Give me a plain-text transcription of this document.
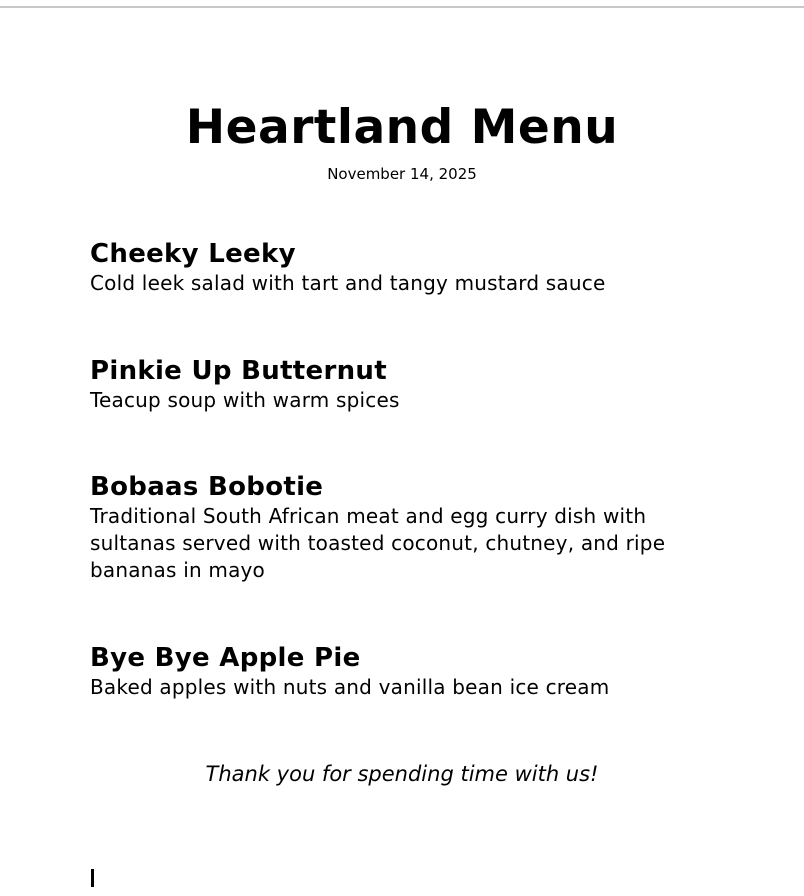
Heartland Menu
November 14, 2025
Cheeky Leeky
Cold leek salad with tart and tangy mustard sauce
Pinkie Up Butternut
Teacup soup with warm spices
Bobaas Bobotie
Traditional South African meat and egg curry dish with sultanas served with toasted coconut, chutney, and ripe bananas in mayo
Bye Bye Apple Pie
Baked apples with nuts and vanilla bean ice cream
Thank you for spending time with us!
